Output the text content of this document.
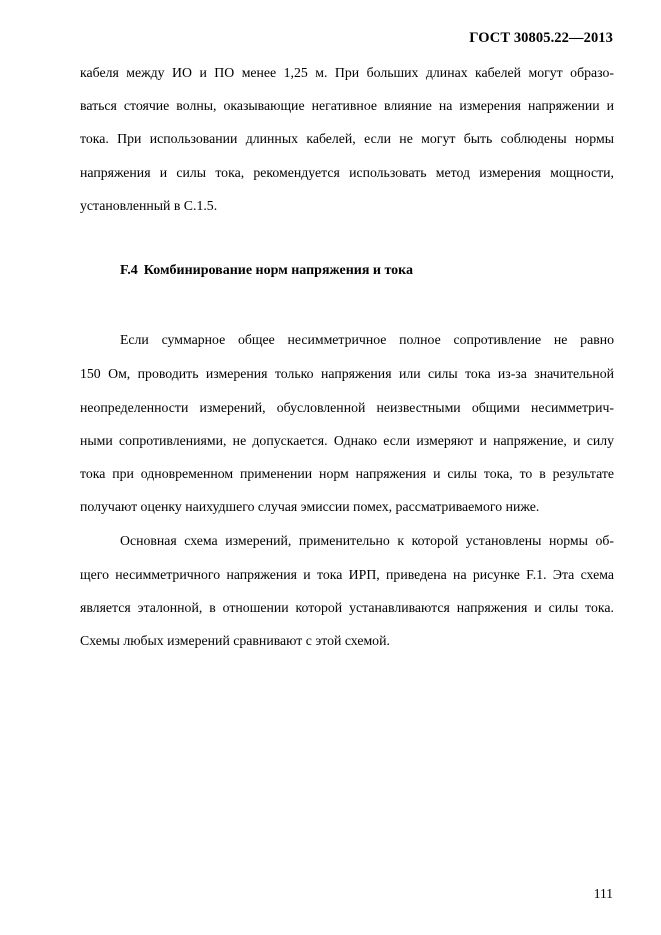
ГОСТ 30805.22—2013
кабеля между ИО и ПО менее 1,25 м. При больших длинах кабелей могут образо-
ваться стоячие волны, оказывающие негативное влияние на измерения напряжении и
тока. При использовании длинных кабелей, если не могут быть соблюдены нормы
напряжения и силы тока, рекомендуется использовать метод измерения мощности,
установленный в С.1.5.
F.4 Комбинирование норм напряжения и тока
Если суммарное общее несимметричное полное сопротивление не равно
150 Ом, проводить измерения только напряжения или силы тока из-за значительной
неопределенности измерений, обусловленной неизвестными общими несимметрич-
ными сопротивлениями, не допускается. Однако если измеряют и напряжение, и силу
тока при одновременном применении норм напряжения и силы тока, то в результате
получают оценку наихудшего случая эмиссии помех, рассматриваемого ниже.
Основная схема измерений, применительно к которой установлены нормы об-
щего несимметричного напряжения и тока ИРП, приведена на рисунке F.1. Эта схема
является эталонной, в отношении которой устанавливаются напряжения и силы тока.
Схемы любых измерений сравнивают с этой схемой.
111
